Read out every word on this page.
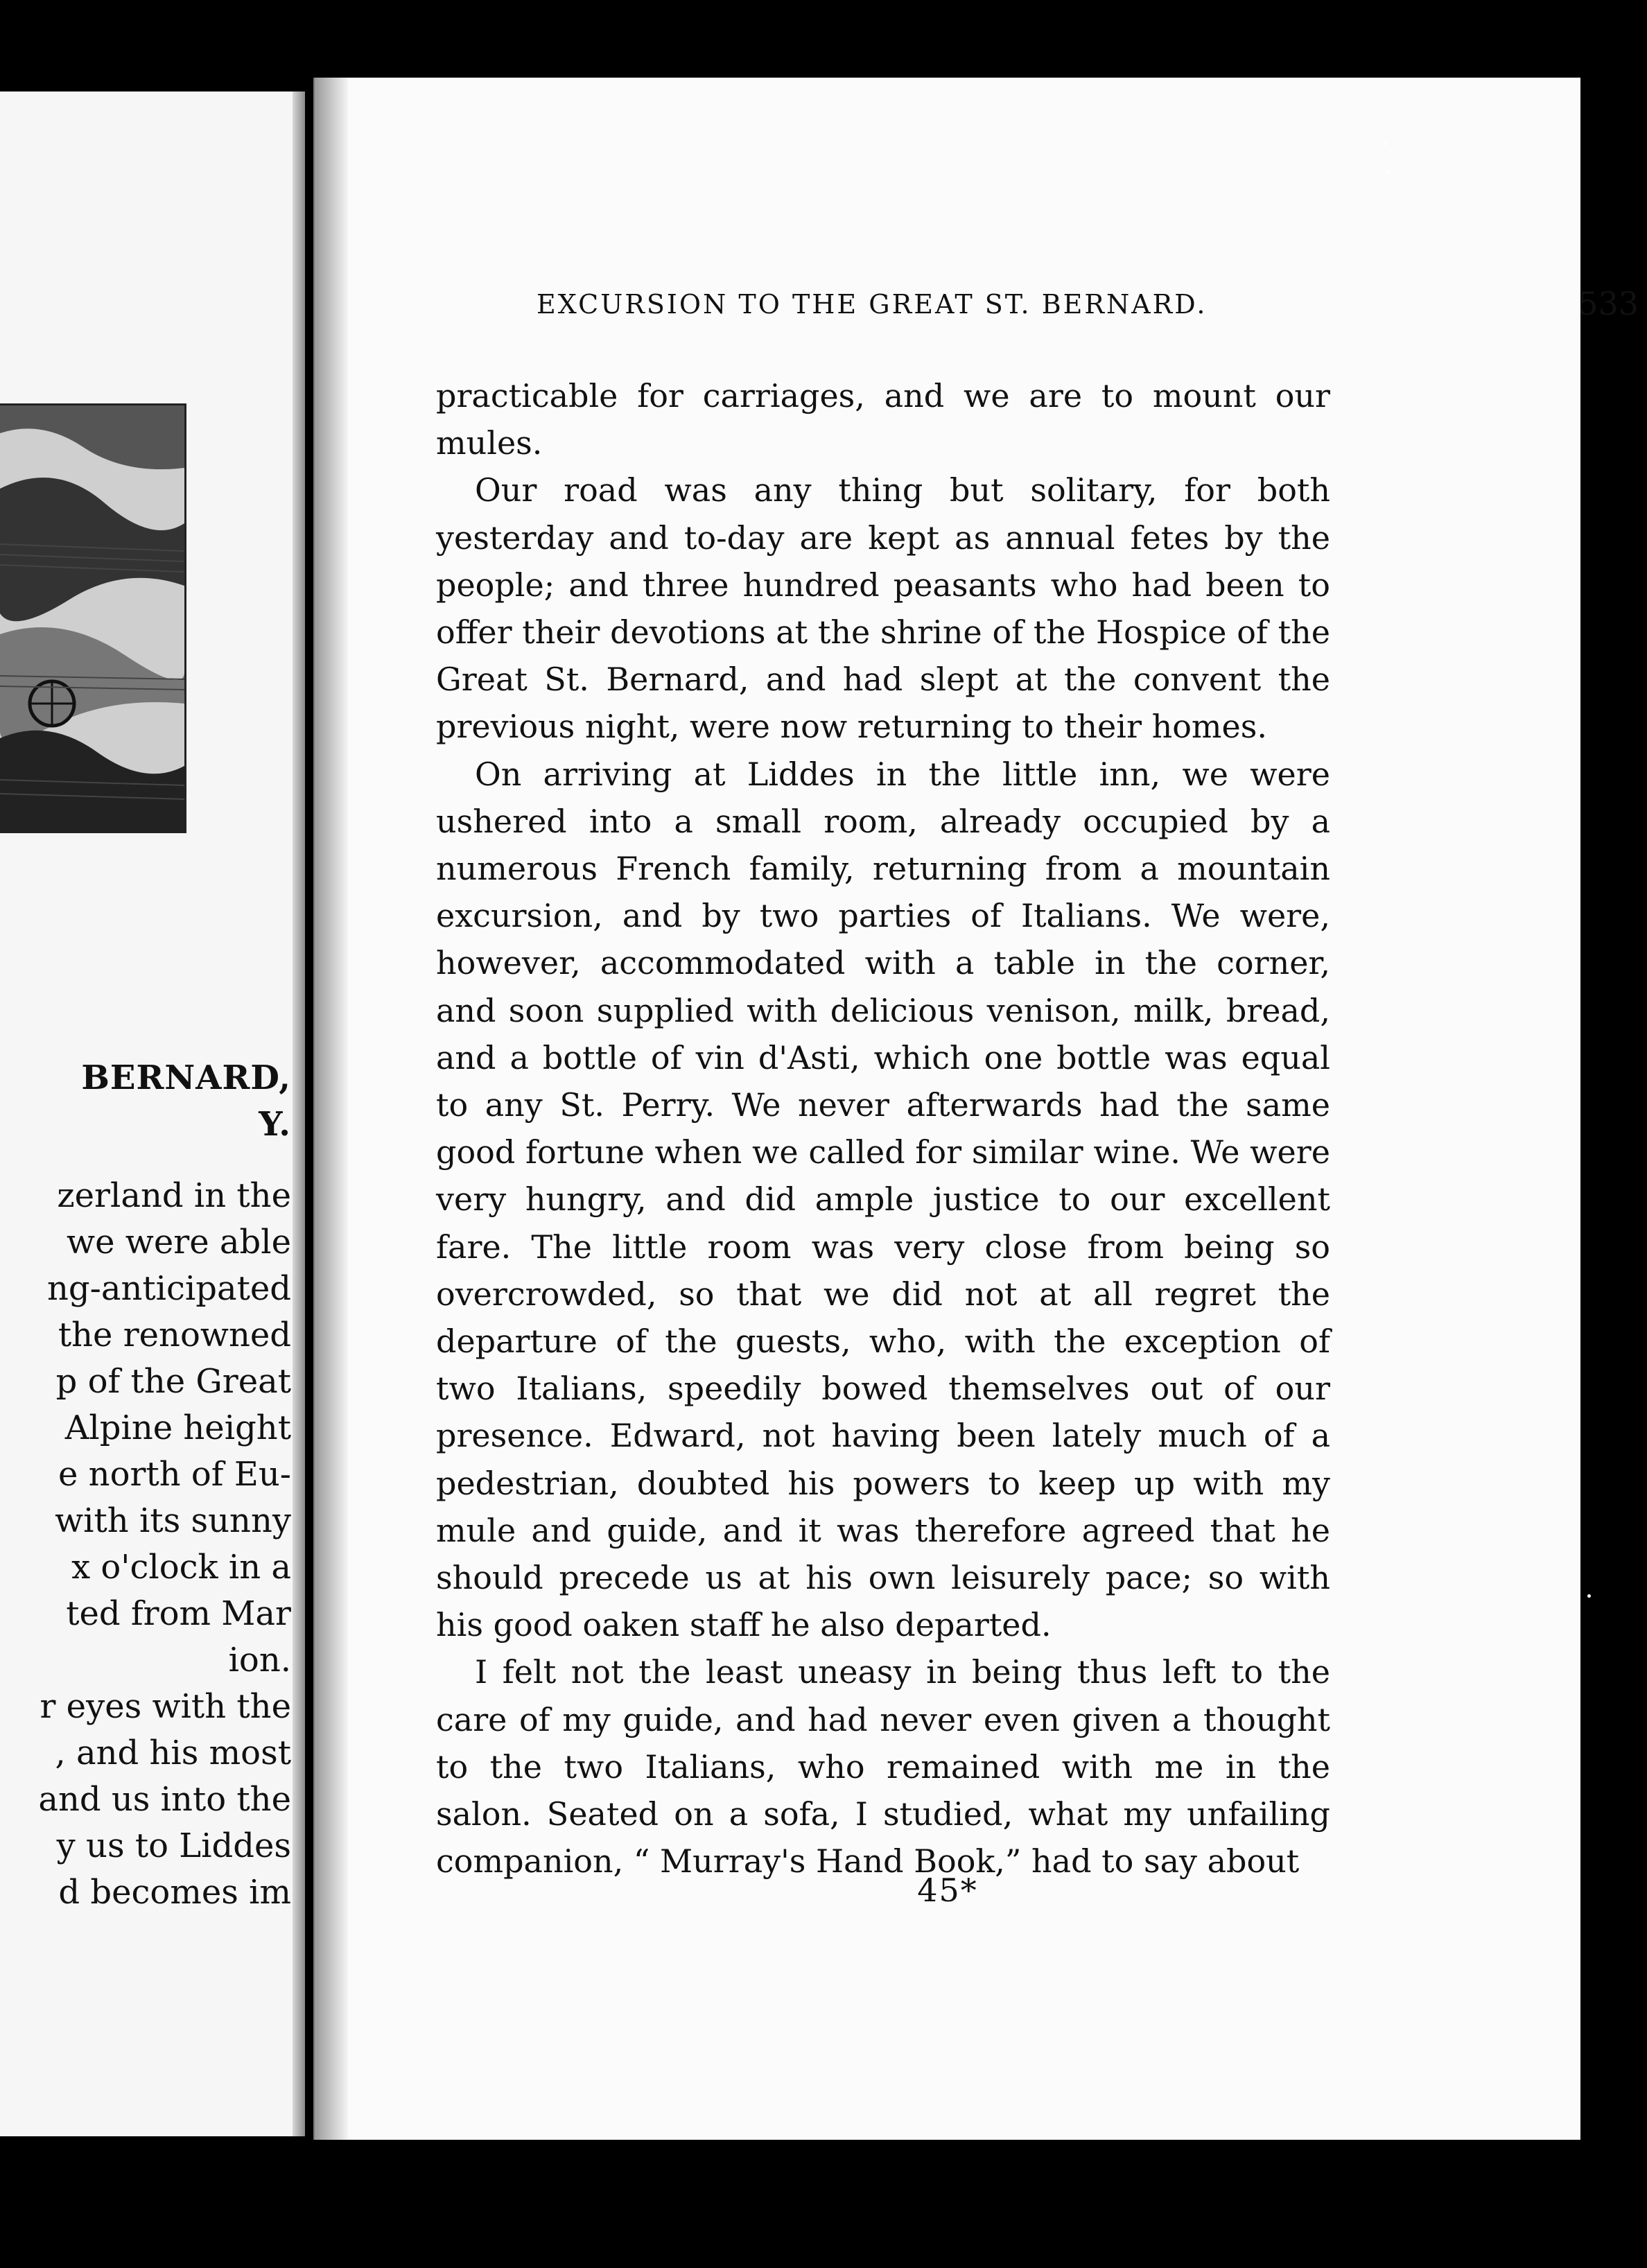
BERNARD,
Y.
zerland in the
we were able
ng-anticipated
the renowned
p of the Great
Alpine height
e north of Eu-
with its sunny
x o'clock in a
ted from Mar
ion.
r eyes with the
, and his most
and us into the
y us to Liddes
d becomes im
EXCURSION TO THE GREAT ST. BERNARD.	533

practicable for carriages, and we are to mount our mules.

Our road was any thing but solitary, for both yesterday and to-day are kept as annual fetes by the people; and three hundred peasants who had been to offer their devotions at the shrine of the Hospice of the Great St. Bernard, and had slept at the convent the previous night, were now returning to their homes.

On arriving at Liddes in the little inn, we were ushered into a small room, already occupied by a numerous French family, returning from a mountain excursion, and by two parties of Italians. We were, however, accommodated with a table in the corner, and soon supplied with delicious venison, milk, bread, and a bottle of vin d'Asti, which one bottle was equal to any St. Perry. We never afterwards had the same good fortune when we called for similar wine. We were very hungry, and did ample justice to our excellent fare. The little room was very close from being so overcrowded, so that we did not at all regret the departure of the guests, who, with the exception of two Italians, speedily bowed themselves out of our presence. Edward, not having been lately much of a pedestrian, doubted his powers to keep up with my mule and guide, and it was therefore agreed that he should precede us at his own leisurely pace; so with his good oaken staff he also departed.

I felt not the least uneasy in being thus left to the care of my guide, and had never even given a thought to the two Italians, who remained with me in the salon. Seated on a sofa, I studied, what my unfailing companion, “ Murray's Hand Book,” had to say about

45*
